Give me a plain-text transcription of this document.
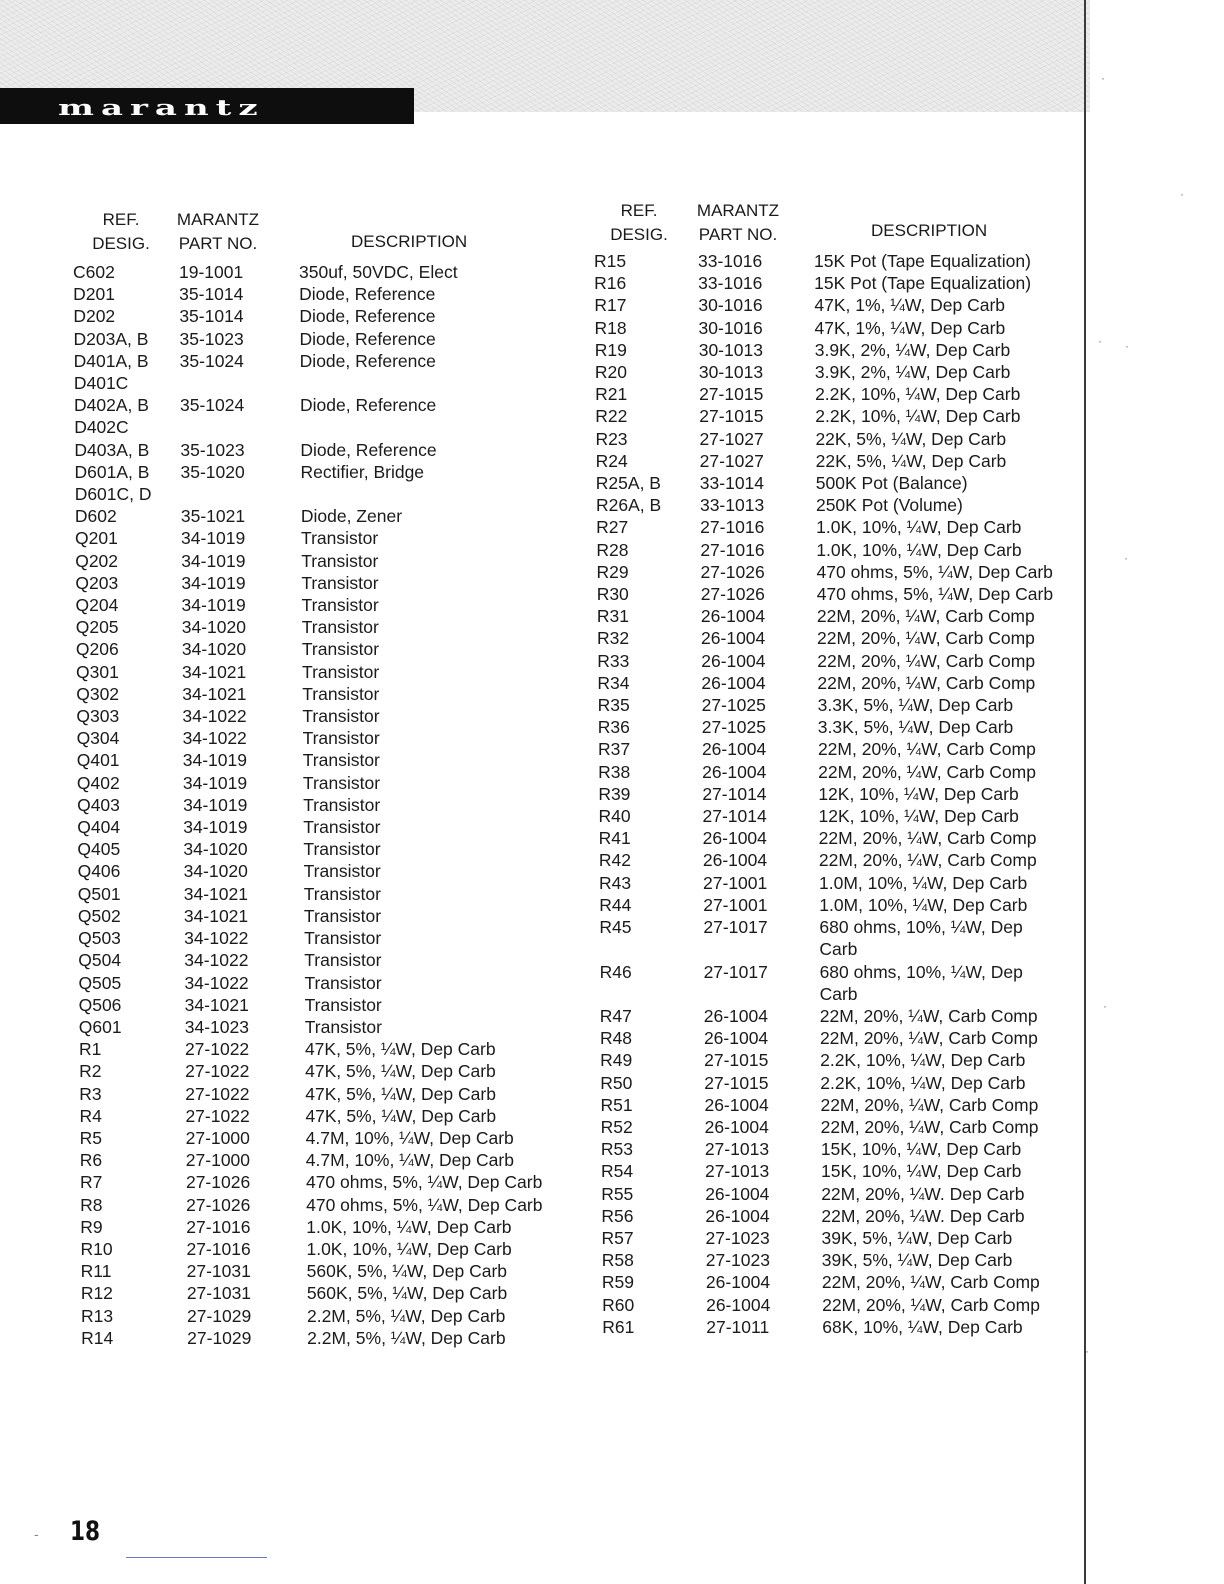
marantz
REF.
DESIG.
MARANTZ
PART NO.	DESCRIPTION
REF.
DESIG.
MARANTZ
PART NO.	DESCRIPTION
C602	19-1001	350uf, 50VDC, Elect
D201	35-1014	Diode, Reference
D202	35-1014	Diode, Reference
D203A, B	35-1023	Diode, Reference
D401A, B	35-1024	Diode, Reference
D401C
D402A, B	35-1024	Diode, Reference
D402C
D403A, B	35-1023	Diode, Reference
D601A, B	35-1020	Rectifier, Bridge
D601C, D
D602	35-1021	Diode, Zener
Q201	34-1019	Transistor
Q202	34-1019	Transistor
Q203	34-1019	Transistor
Q204	34-1019	Transistor
Q205	34-1020	Transistor
Q206	34-1020	Transistor
Q301	34-1021	Transistor
Q302	34-1021	Transistor
Q303	34-1022	Transistor
Q304	34-1022	Transistor
Q401	34-1019	Transistor
Q402	34-1019	Transistor
Q403	34-1019	Transistor
Q404	34-1019	Transistor
Q405	34-1020	Transistor
Q406	34-1020	Transistor
Q501	34-1021	Transistor
Q502	34-1021	Transistor
Q503	34-1022	Transistor
Q504	34-1022	Transistor
Q505	34-1022	Transistor
Q506	34-1021	Transistor
Q601	34-1023	Transistor
R1	27-1022	47K, 5%, ¼W, Dep Carb
R2	27-1022	47K, 5%, ¼W, Dep Carb
R3	27-1022	47K, 5%, ¼W, Dep Carb
R4	27-1022	47K, 5%, ¼W, Dep Carb
R5	27-1000	4.7M, 10%, ¼W, Dep Carb
R6	27-1000	4.7M, 10%, ¼W, Dep Carb
R7	27-1026	470 ohms, 5%, ¼W, Dep Carb
R8	27-1026	470 ohms, 5%, ¼W, Dep Carb
R9	27-1016	1.0K, 10%, ¼W, Dep Carb
R10	27-1016	1.0K, 10%, ¼W, Dep Carb
R11	27-1031	560K, 5%, ¼W, Dep Carb
R12	27-1031	560K, 5%, ¼W, Dep Carb
R13	27-1029	2.2M, 5%, ¼W, Dep Carb
R14	27-1029	2.2M, 5%, ¼W, Dep Carb
R15	33-1016	15K Pot (Tape Equalization)
R16	33-1016	15K Pot (Tape Equalization)
R17	30-1016	47K, 1%, ¼W, Dep Carb
R18	30-1016	47K, 1%, ¼W, Dep Carb
R19	30-1013	3.9K, 2%, ¼W, Dep Carb
R20	30-1013	3.9K, 2%, ¼W, Dep Carb
R21	27-1015	2.2K, 10%, ¼W, Dep Carb
R22	27-1015	2.2K, 10%, ¼W, Dep Carb
R23	27-1027	22K, 5%, ¼W, Dep Carb
R24	27-1027	22K, 5%, ¼W, Dep Carb
R25A, B	33-1014	500K Pot (Balance)
R26A, B	33-1013	250K Pot (Volume)
R27	27-1016	1.0K, 10%, ¼W, Dep Carb
R28	27-1016	1.0K, 10%, ¼W, Dep Carb
R29	27-1026	470 ohms, 5%, ¼W, Dep Carb
R30	27-1026	470 ohms, 5%, ¼W, Dep Carb
R31	26-1004	22M, 20%, ¼W, Carb Comp
R32	26-1004	22M, 20%, ¼W, Carb Comp
R33	26-1004	22M, 20%, ¼W, Carb Comp
R34	26-1004	22M, 20%, ¼W, Carb Comp
R35	27-1025	3.3K, 5%, ¼W, Dep Carb
R36	27-1025	3.3K, 5%, ¼W, Dep Carb
R37	26-1004	22M, 20%, ¼W, Carb Comp
R38	26-1004	22M, 20%, ¼W, Carb Comp
R39	27-1014	12K, 10%, ¼W, Dep Carb
R40	27-1014	12K, 10%, ¼W, Dep Carb
R41	26-1004	22M, 20%, ¼W, Carb Comp
R42	26-1004	22M, 20%, ¼W, Carb Comp
R43	27-1001	1.0M, 10%, ¼W, Dep Carb
R44	27-1001	1.0M, 10%, ¼W, Dep Carb
R45	27-1017	680 ohms, 10%, ¼W, Dep Carb
R46	27-1017	680 ohms, 10%, ¼W, Dep Carb
R47	26-1004	22M, 20%, ¼W, Carb Comp
R48	26-1004	22M, 20%, ¼W, Carb Comp
R49	27-1015	2.2K, 10%, ¼W, Dep Carb
R50	27-1015	2.2K, 10%, ¼W, Dep Carb
R51	26-1004	22M, 20%, ¼W, Carb Comp
R52	26-1004	22M, 20%, ¼W, Carb Comp
R53	27-1013	15K, 10%, ¼W, Dep Carb
R54	27-1013	15K, 10%, ¼W, Dep Carb
R55	26-1004	22M, 20%, ¼W. Dep Carb
R56	26-1004	22M, 20%, ¼W. Dep Carb
R57	27-1023	39K, 5%, ¼W, Dep Carb
R58	27-1023	39K, 5%, ¼W, Dep Carb
R59	26-1004	22M, 20%, ¼W, Carb Comp
R60	26-1004	22M, 20%, ¼W, Carb Comp
R61	27-1011	68K, 10%, ¼W, Dep Carb
- 18
·
·
· ·
·
·
·
